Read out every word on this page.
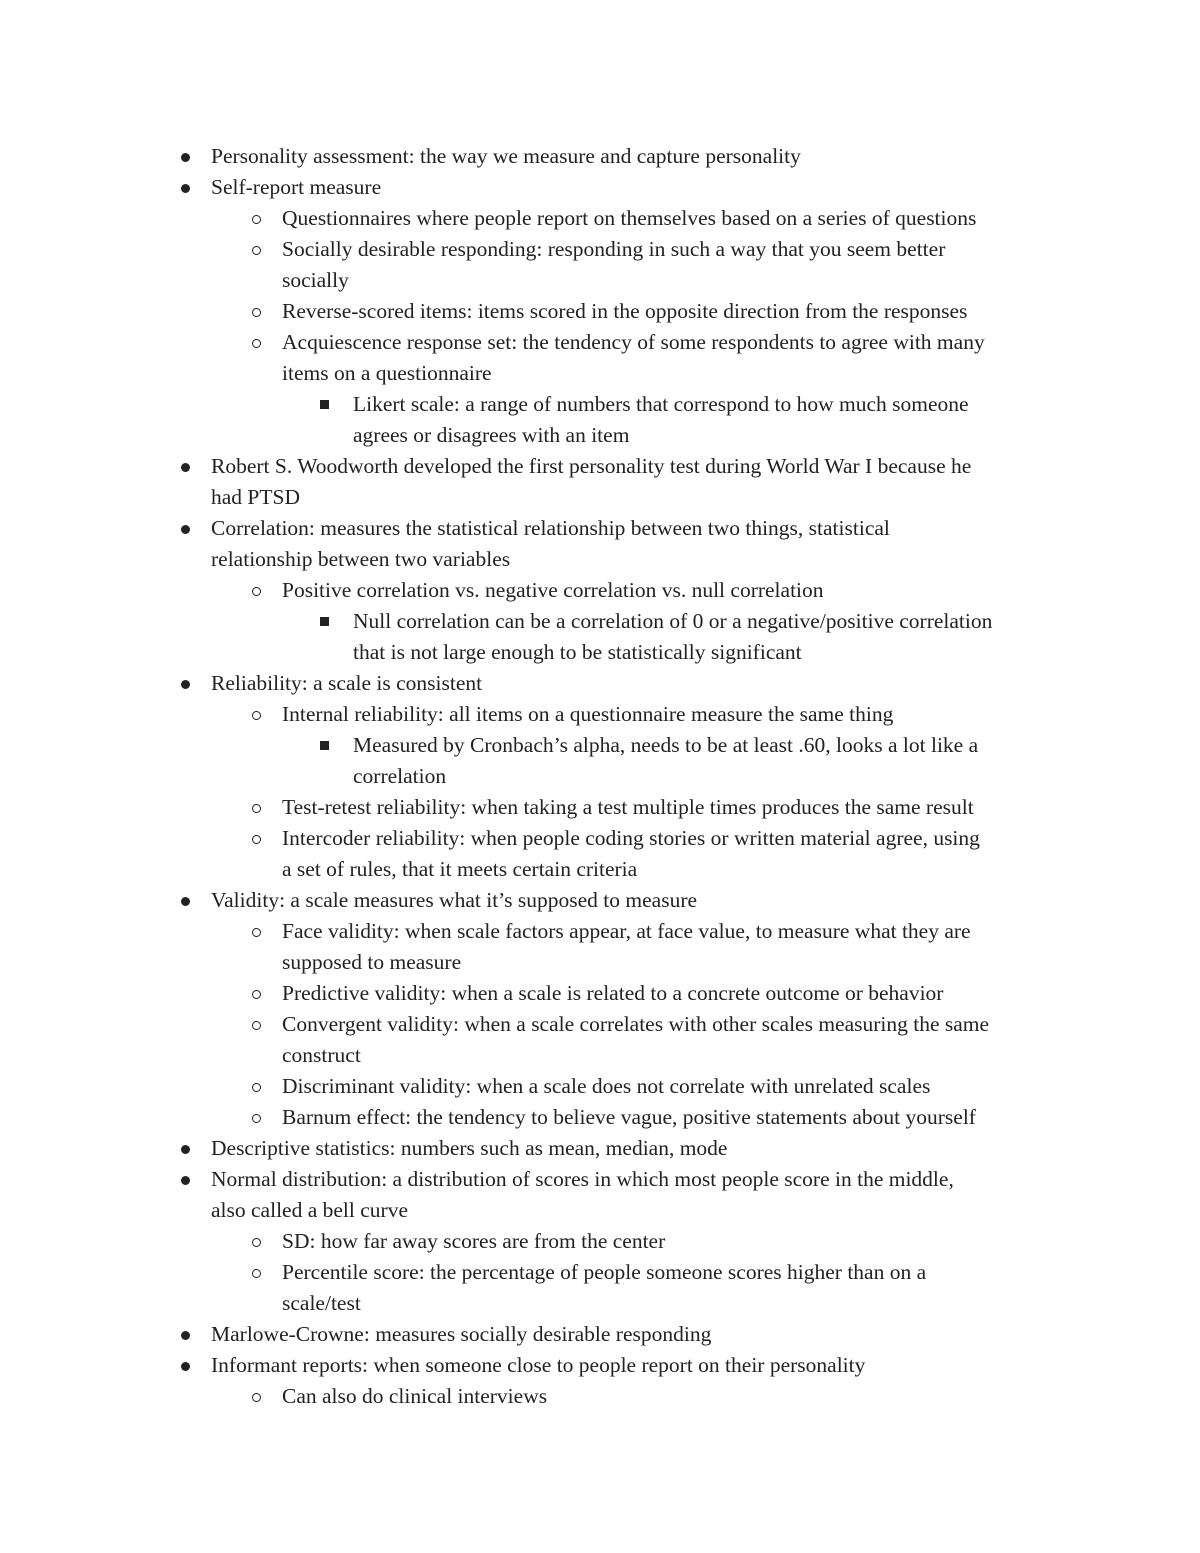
Personality assessment: the way we measure and capture personality
Self-report measure
Questionnaires where people report on themselves based on a series of questions
Socially desirable responding: responding in such a way that you seem better
socially
Reverse-scored items: items scored in the opposite direction from the responses
Acquiescence response set: the tendency of some respondents to agree with many
items on a questionnaire
Likert scale: a range of numbers that correspond to how much someone
agrees or disagrees with an item
Robert S. Woodworth developed the first personality test during World War I because he
had PTSD
Correlation: measures the statistical relationship between two things, statistical
relationship between two variables
Positive correlation vs. negative correlation vs. null correlation
Null correlation can be a correlation of 0 or a negative/positive correlation
that is not large enough to be statistically significant
Reliability: a scale is consistent
Internal reliability: all items on a questionnaire measure the same thing
Measured by Cronbach’s alpha, needs to be at least .60, looks a lot like a
correlation
Test-retest reliability: when taking a test multiple times produces the same result
Intercoder reliability: when people coding stories or written material agree, using
a set of rules, that it meets certain criteria
Validity: a scale measures what it’s supposed to measure
Face validity: when scale factors appear, at face value, to measure what they are
supposed to measure
Predictive validity: when a scale is related to a concrete outcome or behavior
Convergent validity: when a scale correlates with other scales measuring the same
construct
Discriminant validity: when a scale does not correlate with unrelated scales
Barnum effect: the tendency to believe vague, positive statements about yourself
Descriptive statistics: numbers such as mean, median, mode
Normal distribution: a distribution of scores in which most people score in the middle,
also called a bell curve
SD: how far away scores are from the center
Percentile score: the percentage of people someone scores higher than on a
scale/test
Marlowe-Crowne: measures socially desirable responding
Informant reports: when someone close to people report on their personality
Can also do clinical interviews
